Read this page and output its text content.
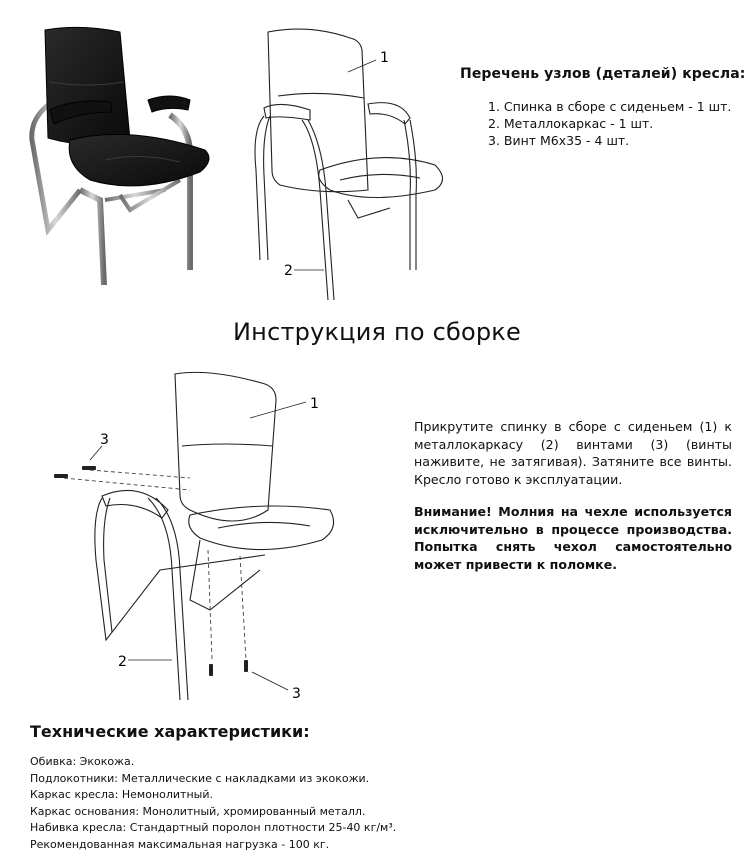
1
2
Перечень узлов (деталей) кресла:
1. Спинка в сборе с сиденьем - 1 шт.
2. Металлокаркас - 1 шт.
3. Винт М6х35 - 4 шт.
Инструкция по сборке
1
2
3
3

Прикрутите спинку в сборе с сиденьем (1) к металлокаркасу (2) винтами (3) (винты наживите, не затягивая). Затяните все винты. Кресло готово к эксплуатации.

Внимание! Молния на чехле используется исключительно в процессе производства. Попытка снять чехол самостоятельно может привести к поломке.

Технические характеристики:
Обивка: Экокожа.
Подлокотники: Металлические с накладками из экокожи.
Каркас кресла: Немонолитный.
Каркас основания: Монолитный, хромированный металл.
Набивка кресла: Стандартный поролон плотности 25-40 кг/м³.
Рекомендованная максимальная нагрузка - 100 кг.
